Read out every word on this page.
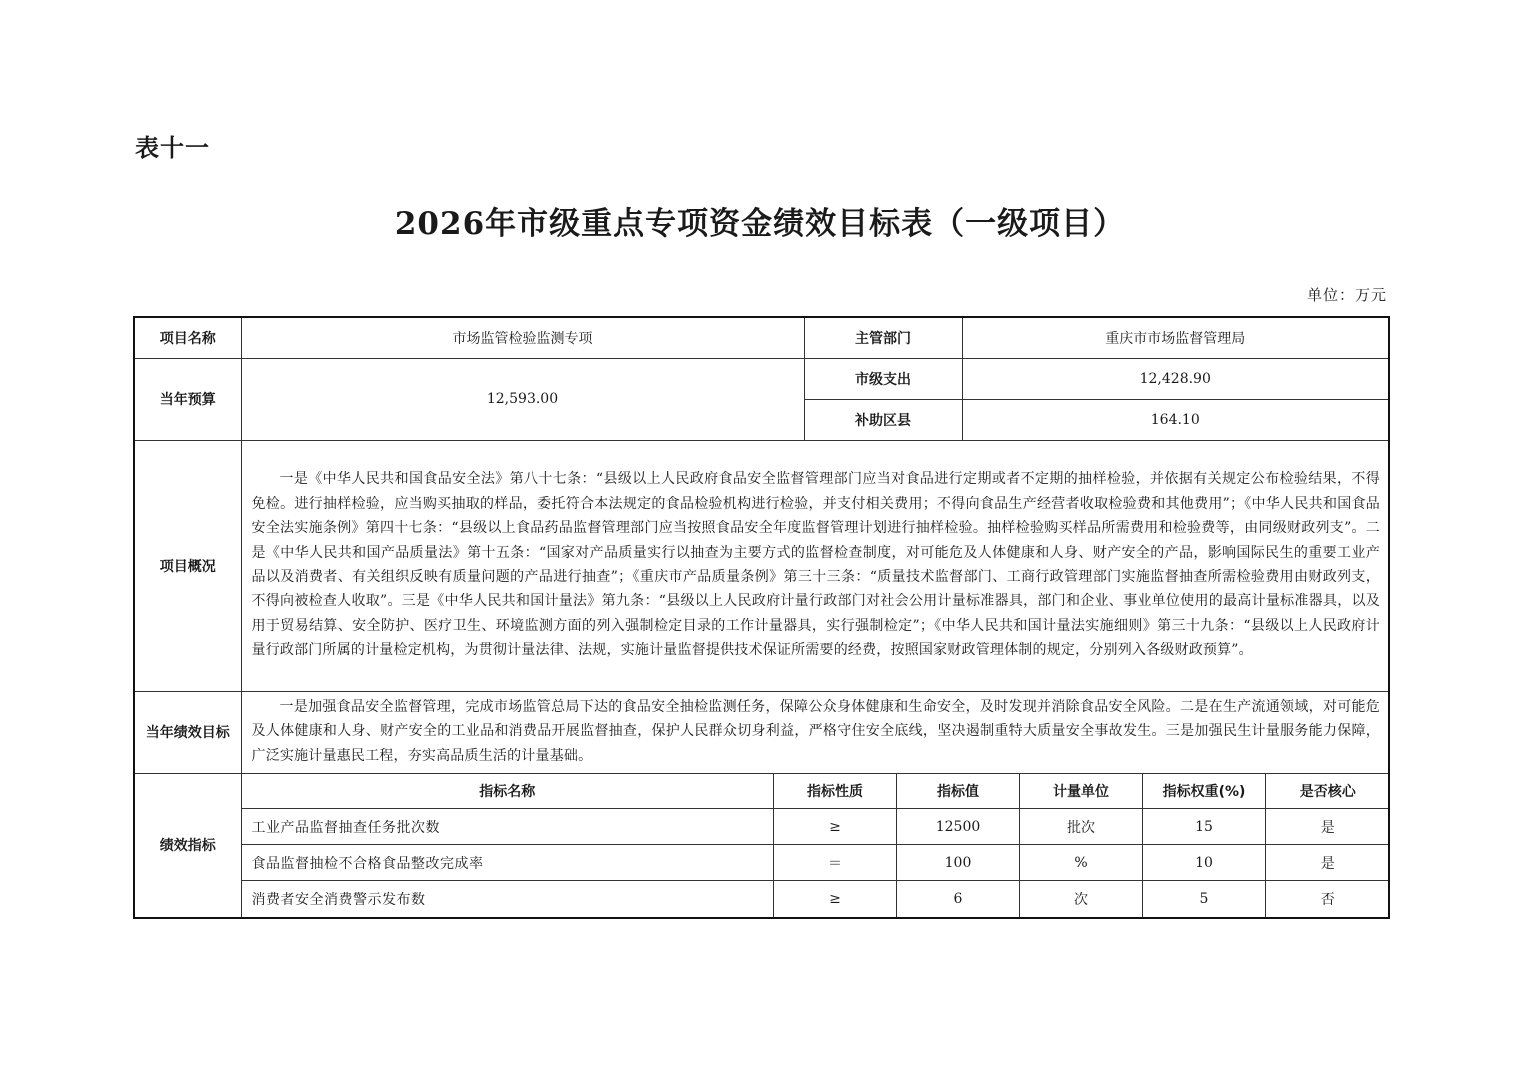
表十一
2026年市级重点专项资金绩效目标表（一级项目）
单位：万元
项目名称	市场监管检验监测专项	主管部门	重庆市市场监督管理局
当年预算	12,593.00	市级支出	12,428.90
补助区县	164.10
项目概况	一是《中华人民共和国食品安全法》第八十七条：“县级以上人民政府食品安全监督管理部门应当对食品进行定期或者不定期的抽样检验，并依据有关规定公布检验结果，不得免检。进行抽样检验，应当购买抽取的样品，委托符合本法规定的食品检验机构进行检验，并支付相关费用；不得向食品生产经营者收取检验费和其他费用”；《中华人民共和国食品安全法实施条例》第四十七条：“县级以上食品药品监督管理部门应当按照食品安全年度监督管理计划进行抽样检验。抽样检验购买样品所需费用和检验费等，由同级财政列支”。二是《中华人民共和国产品质量法》第十五条：“国家对产品质量实行以抽查为主要方式的监督检查制度，对可能危及人体健康和人身、财产安全的产品，影响国际民生的重要工业产品以及消费者、有关组织反映有质量问题的产品进行抽查”；《重庆市产品质量条例》第三十三条：“质量技术监督部门、工商行政管理部门实施监督抽查所需检验费用由财政列支，不得向被检查人收取”。三是《中华人民共和国计量法》第九条：“县级以上人民政府计量行政部门对社会公用计量标准器具，部门和企业、事业单位使用的最高计量标准器具，以及用于贸易结算、安全防护、医疗卫生、环境监测方面的列入强制检定目录的工作计量器具，实行强制检定”；《中华人民共和国计量法实施细则》第三十九条：“县级以上人民政府计量行政部门所属的计量检定机构，为贯彻计量法律、法规，实施计量监督提供技术保证所需要的经费，按照国家财政管理体制的规定，分别列入各级财政预算”。
当年绩效目标	一是加强食品安全监督管理，完成市场监管总局下达的食品安全抽检监测任务，保障公众身体健康和生命安全，及时发现并消除食品安全风险。二是在生产流通领域，对可能危及人体健康和人身、财产安全的工业品和消费品开展监督抽查，保护人民群众切身利益，严格守住安全底线，坚决遏制重特大质量安全事故发生。三是加强民生计量服务能力保障，广泛实施计量惠民工程，夯实高品质生活的计量基础。
绩效指标	
指标名称	指标性质	指标值	计量单位	指标权重(%)	是否核心
工业产品监督抽查任务批次数	≥	12500	批次	15	是
食品监督抽检不合格食品整改完成率	＝	100	%	10	是
消费者安全消费警示发布数	≥	6	次	5	否
